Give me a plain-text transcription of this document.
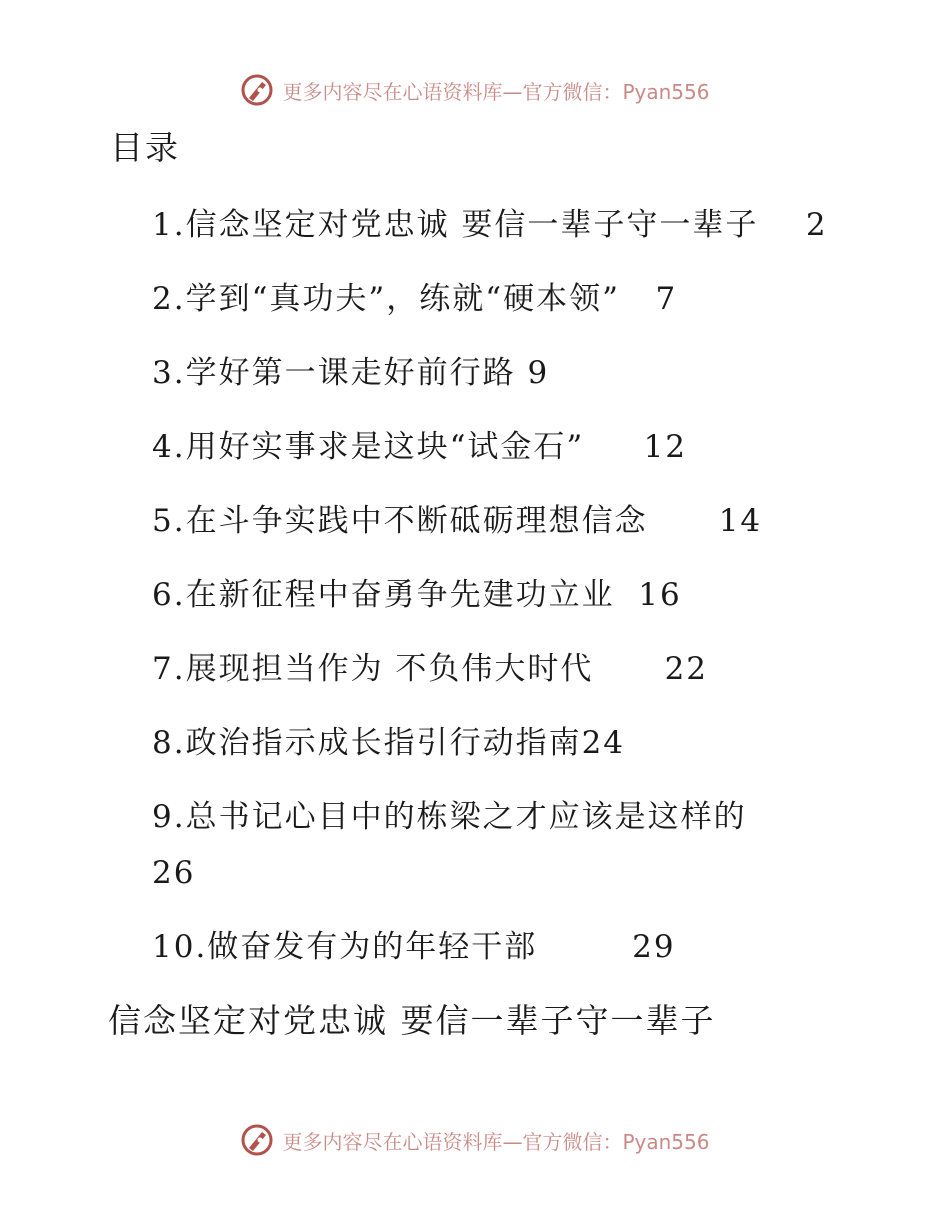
更多内容尽在心语资料库—官方微信：Pyan556
目录
1.信念坚定对党忠诚 要信一辈子守一辈子 2
2.学到“真功夫”，练就“硬本领” 7
3.学好第一课走好前行路 9
4.用好实事求是这块“试金石” 12
5.在斗争实践中不断砥砺理想信念 14
6.在新征程中奋勇争先建功立业 16
7.展现担当作为 不负伟大时代 22
8.政治指示成长指引行动指南24
9.总书记心目中的栋梁之才应该是这样的
26
10.做奋发有为的年轻干部	29
信念坚定对党忠诚 要信一辈子守一辈子
更多内容尽在心语资料库—官方微信：Pyan556
